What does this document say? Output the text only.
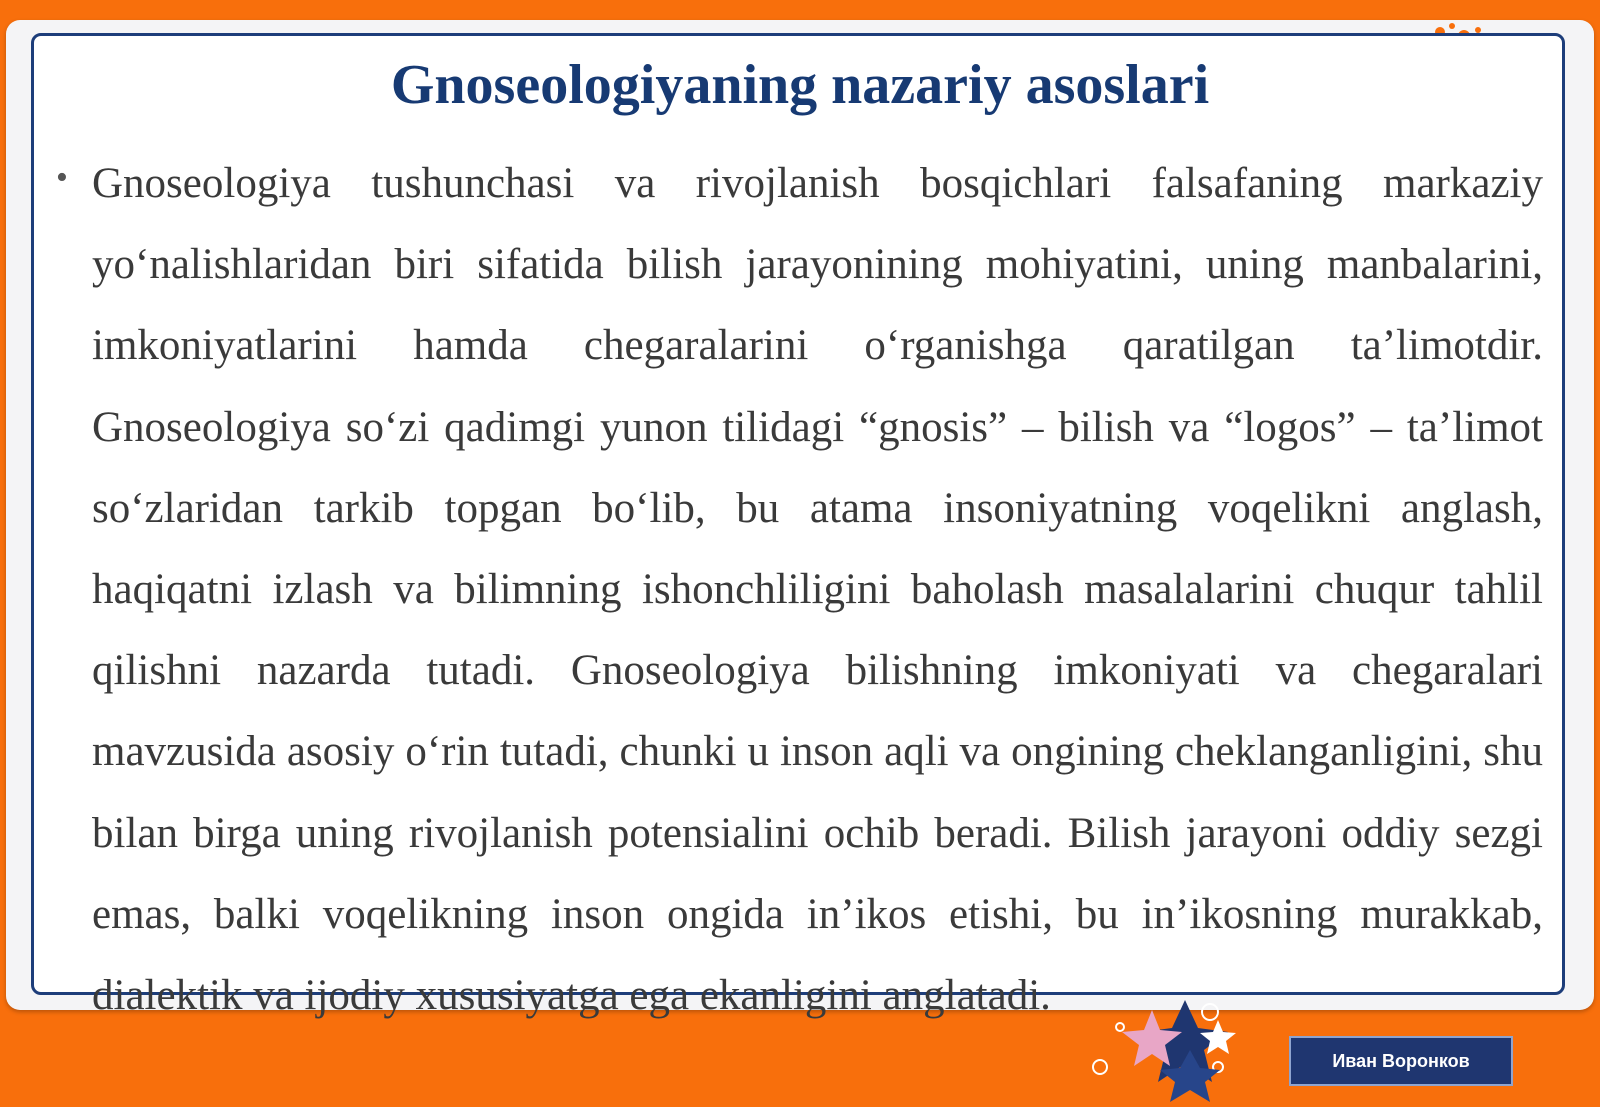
Gnoseologiyaning nazariy asoslari
• Gnoseologiya tushunchasi va rivojlanish bosqichlari falsafaning markaziy yo‘nalishlaridan biri sifatida bilish jarayonining mohiyatini, uning manbalarini, imkoniyatlarini hamda chegaralarini o‘rganishga qaratilgan ta’limotdir. Gnoseologiya so‘zi qadimgi yunon tilidagi “gnosis” – bilish va “logos” – ta’limot so‘zlaridan tarkib topgan bo‘lib, bu atama insoniyatning voqelikni anglash, haqiqatni izlash va bilimning ishonchliligini baholash masalalarini chuqur tahlil qilishni nazarda tutadi. Gnoseologiya bilishning imkoniyati va chegaralari mavzusida asosiy o‘rin tutadi, chunki u inson aqli va ongining cheklanganligini, shu bilan birga uning rivojlanish potensialini ochib beradi. Bilish jarayoni oddiy sezgi emas, balki voqelikning inson ongida in’ikos etishi, bu in’ikosning murakkab, dialektik va ijodiy xususiyatga ega ekanligini anglatadi.

Иван Воронков
